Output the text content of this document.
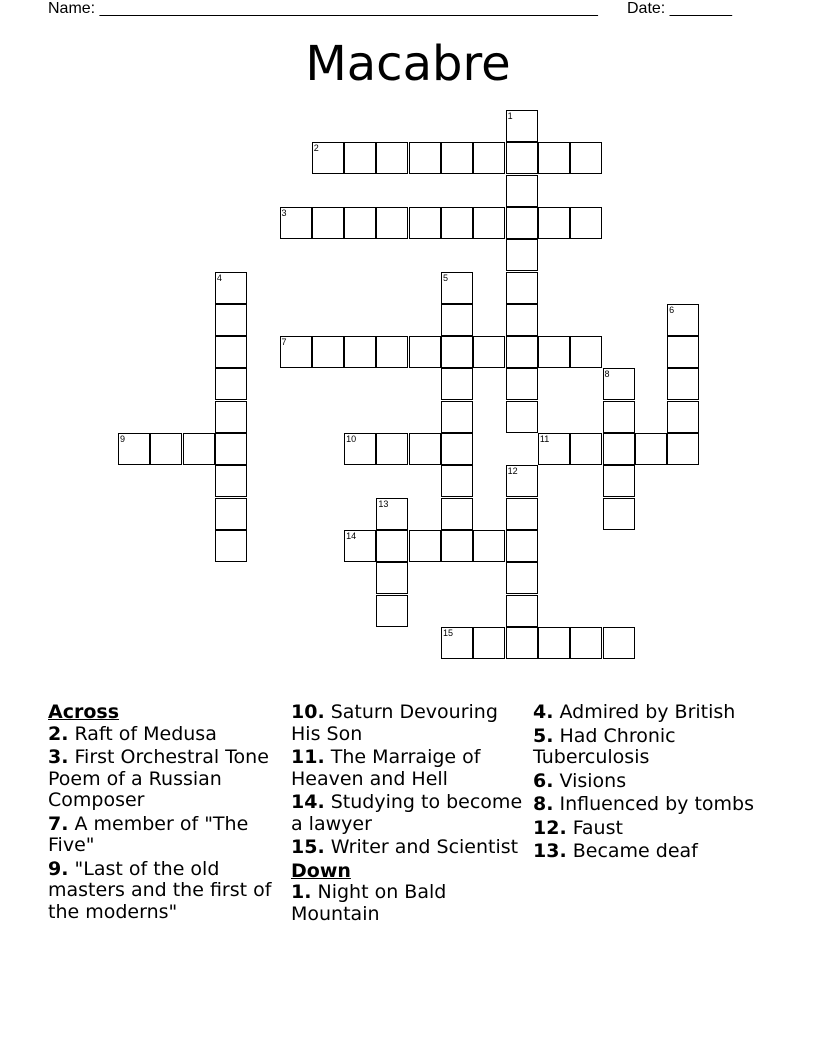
Name: ________________________________________________________ Date: _______
Macabre
2
3
7
9	10	11
14
15
1
4	5
6
8
12
13
Across
2. Raft of Medusa
3. First Orchestral Tone Poem of a Russian Composer
7. A member of "The Five"
9. "Last of the old masters and the first of the moderns"
10. Saturn Devouring His Son
11. The Marraige of Heaven and Hell
14. Studying to become a lawyer
15. Writer and Scientist
Down
1. Night on Bald Mountain
4. Admired by British
5. Had Chronic Tuberculosis
6. Visions
8. Influenced by tombs
12. Faust
13. Became deaf
